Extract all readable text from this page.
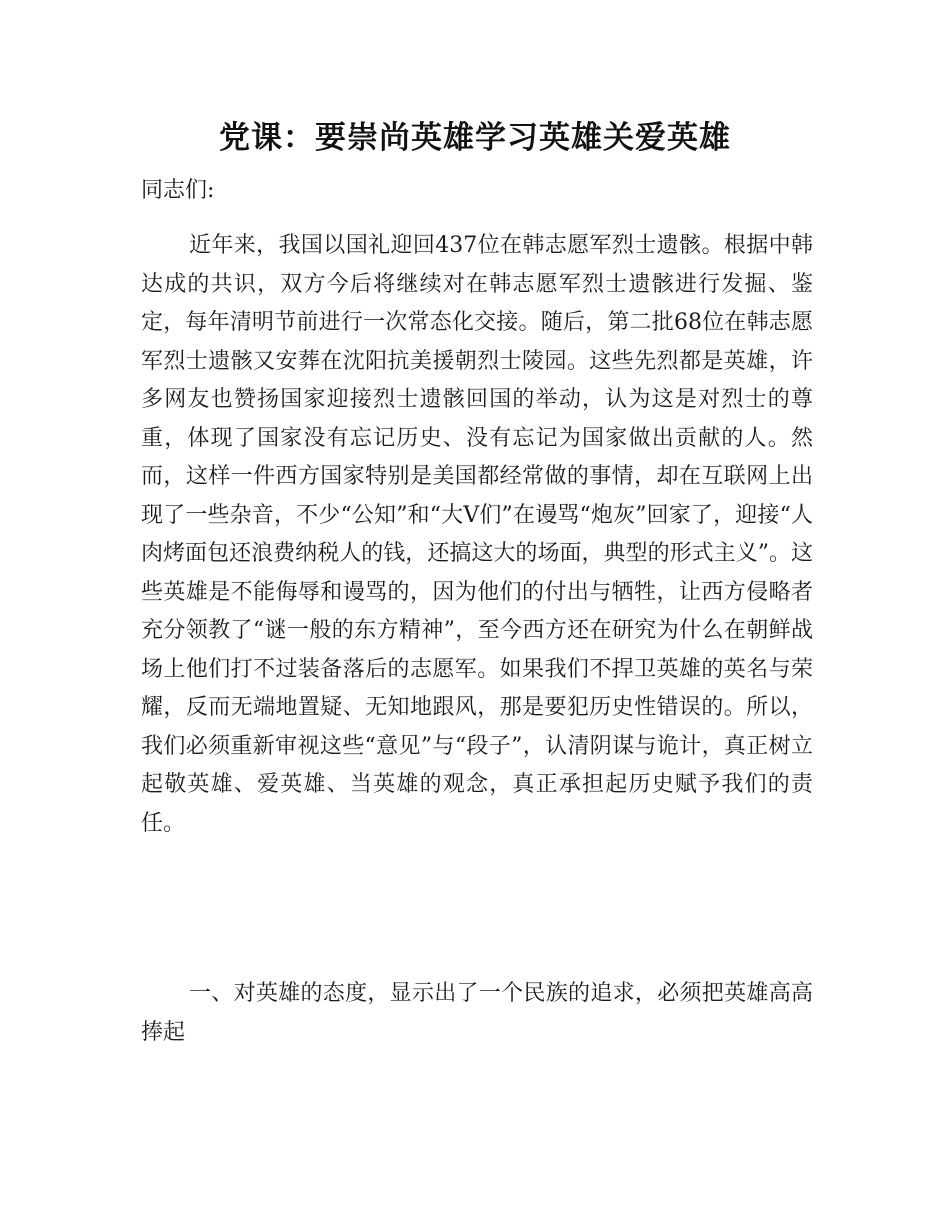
党课：要崇尚英雄学习英雄关爱英雄

同志们:

近年来，我国以国礼迎回437位在韩志愿军烈士遗骸。根据中韩达成的共识，双方今后将继续对在韩志愿军烈士遗骸进行发掘、鉴定，每年清明节前进行一次常态化交接。随后，第二批68位在韩志愿军烈士遗骸又安葬在沈阳抗美援朝烈士陵园。这些先烈都是英雄，许多网友也赞扬国家迎接烈士遗骸回国的举动，认为这是对烈士的尊重，体现了国家没有忘记历史、没有忘记为国家做出贡献的人。然而，这样一件西方国家特别是美国都经常做的事情，却在互联网上出现了一些杂音，不少“公知”和“大V们”在谩骂“炮灰”回家了，迎接“人肉烤面包还浪费纳税人的钱，还搞这大的场面，典型的形式主义”。这些英雄是不能侮辱和谩骂的，因为他们的付出与牺牲，让西方侵略者充分领教了“谜一般的东方精神”，至今西方还在研究为什么在朝鲜战场上他们打不过装备落后的志愿军。如果我们不捍卫英雄的英名与荣耀，反而无端地置疑、无知地跟风，那是要犯历史性错误的。所以，我们必须重新审视这些“意见”与“段子”，认清阴谋与诡计，真正树立起敬英雄、爱英雄、当英雄的观念，真正承担起历史赋予我们的责任。

一、对英雄的态度，显示出了一个民族的追求，必须把英雄高高捧起
